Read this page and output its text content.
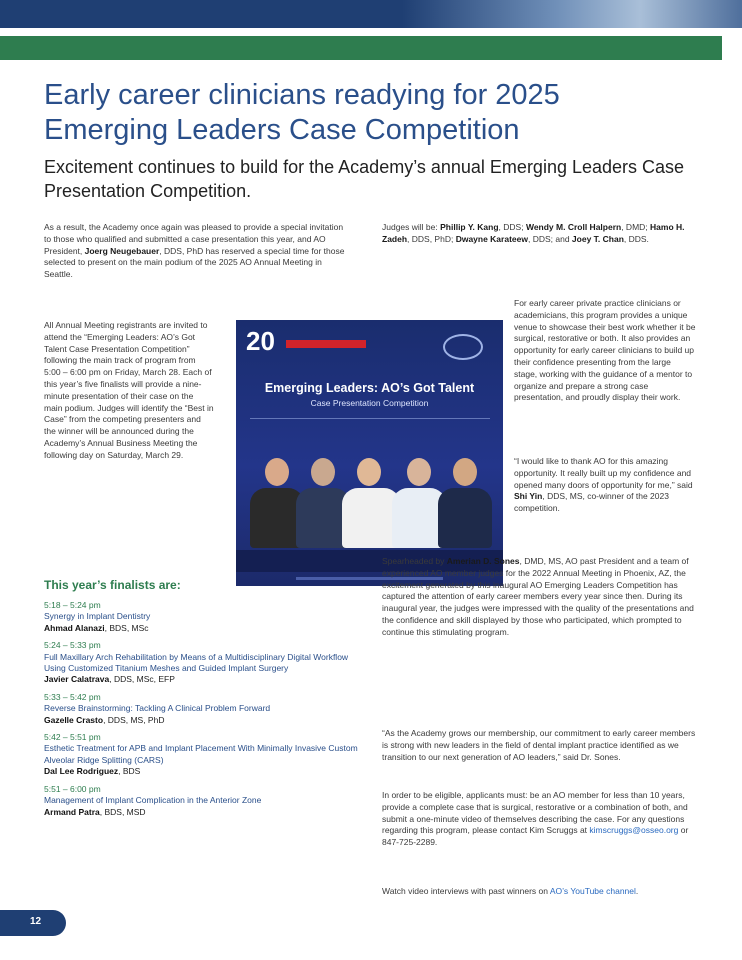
Early career clinicians readying for 2025
Emerging Leaders Case Competition
Excitement continues to build for the Academy’s annual Emerging Leaders Case Presentation Competition.

As a result, the Academy once again was pleased to provide a special invitation to those who qualified and submitted a case presentation this year, and AO President, Joerg Neugebauer, DDS, PhD has reserved a special time for those selected to present on the main podium of the 2025 AO Annual Meeting in Seattle.

All Annual Meeting registrants are invited to attend the “Emerging Leaders: AO’s Got Talent Case Presentation Competition” following the main track of program from 5:00 – 6:00 pm on Friday, March 28. Each of this year’s five finalists will provide a nine-minute presentation of their case on the main podium. Judges will identify the “Best in Case” from the competing presenters and the winner will be announced during the Academy’s Annual Business Meeting the following day on Saturday, March 29.

This year’s finalists are:

5:18 – 5:24 pm
Synergy in Implant Dentistry
Ahmad Alanazi, BDS, MSc

5:24 – 5:33 pm
Full Maxillary Arch Rehabilitation by Means of a Multidisciplinary Digital Workflow Using Customized Titanium Meshes and Guided Implant Surgery
Javier Calatrava, DDS, MSc, EFP

5:33 – 5:42 pm
Reverse Brainstorming: Tackling A Clinical Problem Forward
Gazelle Crasto, DDS, MS, PhD

5:42 – 5:51 pm
Esthetic Treatment for APB and Implant Placement With Minimally Invasive Custom Alveolar Ridge Splitting (CARS)
Dal Lee Rodriguez, BDS

5:51 – 6:00 pm
Management of Implant Complication in the Anterior Zone
Armand Patra, BDS, MSD

20
Emerging Leaders: AO’s Got Talent
Case Presentation Competition

Judges will be: Phillip Y. Kang, DDS; Wendy M. Croll Halpern, DMD; Hamo H. Zadeh, DDS, PhD; Dwayne Karateew, DDS; and Joey T. Chan, DDS.

For early career private practice clinicians or academicians, this program provides a unique venue to showcase their best work whether it be surgical, restorative or both. It also provides an opportunity for early career clinicians to build up their confidence presenting from the large stage, working with the guidance of a mentor to organize and prepare a strong case presentation, and proudly display their work.

“I would like to thank AO for this amazing opportunity. It really built up my confidence and opened many doors of opportunity for me,” said Shi Yin, DDS, MS, co-winner of the 2023 competition.

Spearheaded by Amerian D. Sones, DMD, MS, AO past President and a team of experienced AO member judges for the 2022 Annual Meeting in Phoenix, AZ, the excitement generated by this inaugural AO Emerging Leaders Competition has captured the attention of early career members every year since then. During its inaugural year, the judges were impressed with the quality of the presentations and the confidence and skill displayed by those who participated, which prompted to continue this stimulating program.

“As the Academy grows our membership, our commitment to early career members is strong with new leaders in the field of dental implant practice identified as we transition to our next generation of AO leaders,” said Dr. Sones.

In order to be eligible, applicants must: be an AO member for less than 10 years, provide a complete case that is surgical, restorative or a combination of both, and submit a one-minute video of themselves describing the case. For any questions regarding this program, please contact Kim Scruggs at kimscruggs@osseo.org or 847-725-2289.

Watch video interviews with past winners on AO’s YouTube channel.

12
